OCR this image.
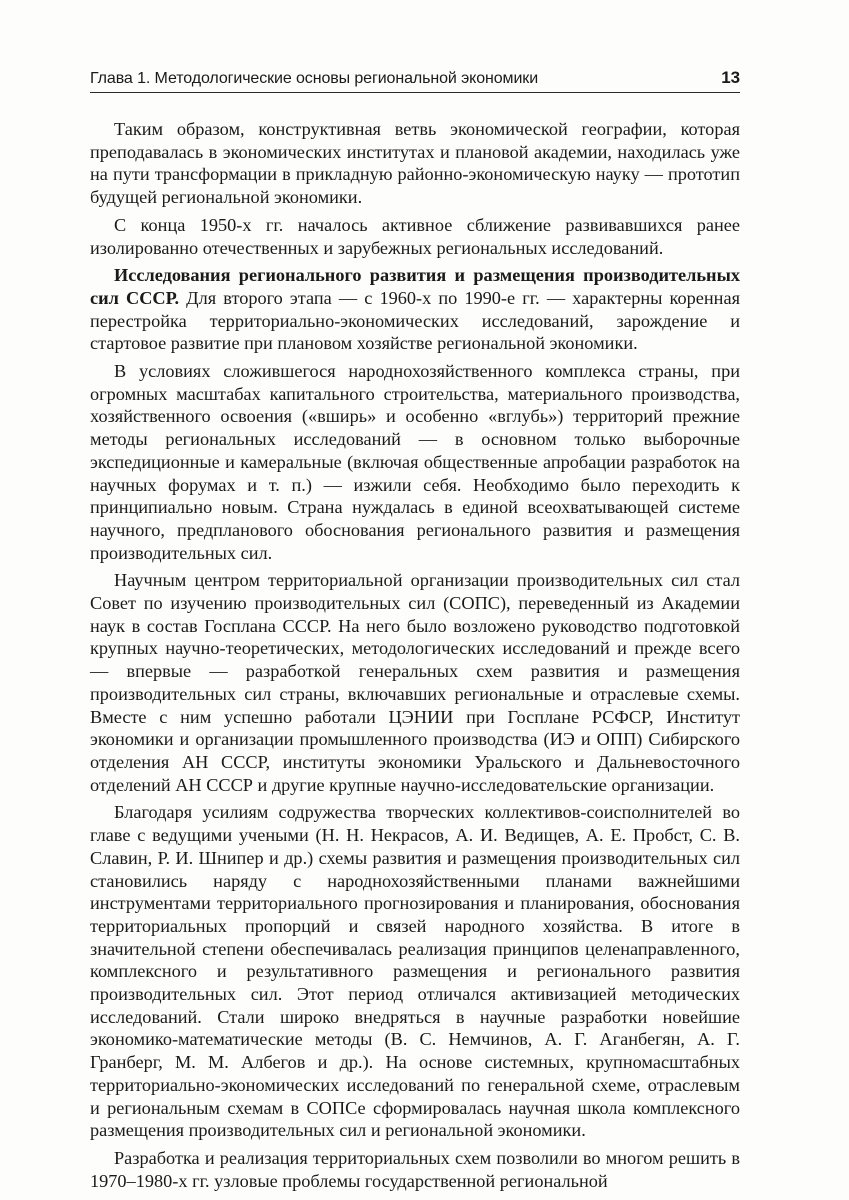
Глава 1. Методологические основы региональной экономики	13

Таким образом, конструктивная ветвь экономической географии, которая преподавалась в экономических институтах и плановой академии, находилась уже на пути трансформации в прикладную районно-экономическую науку — прототип будущей региональной экономики.

С конца 1950-х гг. началось активное сближение развивавшихся ранее изолированно отечественных и зарубежных региональных исследований.

Исследования регионального развития и размещения производительных сил СССР. Для второго этапа — с 1960-х по 1990-е гг. — характерны коренная перестройка территориально-экономических исследований, зарождение и стартовое развитие при плановом хозяйстве региональной экономики.

В условиях сложившегося народнохозяйственного комплекса страны, при огромных масштабах капитального строительства, материального производства, хозяйственного освоения («вширь» и особенно «вглубь») территорий прежние методы региональных исследований — в основном только выборочные экспедиционные и камеральные (включая общественные апробации разработок на научных форумах и т. п.) — изжили себя. Необходимо было переходить к принципиально новым. Страна нуждалась в единой всеохватывающей системе научного, предпланового обоснования регионального развития и размещения производительных сил.

Научным центром территориальной организации производительных сил стал Совет по изучению производительных сил (СОПС), переведенный из Академии наук в состав Госплана СССР. На него было возложено руководство подготовкой крупных научно-теоретических, методологических исследований и прежде всего — впервые — разработкой генеральных схем развития и размещения производительных сил страны, включавших региональные и отраслевые схемы. Вместе с ним успешно работали ЦЭНИИ при Госплане РСФСР, Институт экономики и организации промышленного производства (ИЭ и ОПП) Сибирского отделения АН СССР, институты экономики Уральского и Дальневосточного отделений АН СССР и другие крупные научно-исследовательские организации.

Благодаря усилиям содружества творческих коллективов-соисполнителей во главе с ведущими учеными (Н. Н. Некрасов, А. И. Ведищев, А. Е. Пробст, С. В. Славин, Р. И. Шнипер и др.) схемы развития и размещения производительных сил становились наряду с народнохозяйственными планами важнейшими инструментами территориального прогнозирования и планирования, обоснования территориальных пропорций и связей народного хозяйства. В итоге в значительной степени обеспечивалась реализация принципов целенаправленного, комплексного и результативного размещения и регионального развития производительных сил. Этот период отличался активизацией методических исследований. Стали широко внедряться в научные разработки новейшие экономико-математические методы (В. С. Немчинов, А. Г. Аганбегян, А. Г. Гранберг, М. М. Албегов и др.). На основе системных, крупномасштабных территориально-экономических исследований по генеральной схеме, отраслевым и региональным схемам в СОПСе сформировалась научная школа комплексного размещения производительных сил и региональной экономики.

Разработка и реализация территориальных схем позволили во многом решить в 1970–1980-х гг. узловые проблемы государственной региональной
